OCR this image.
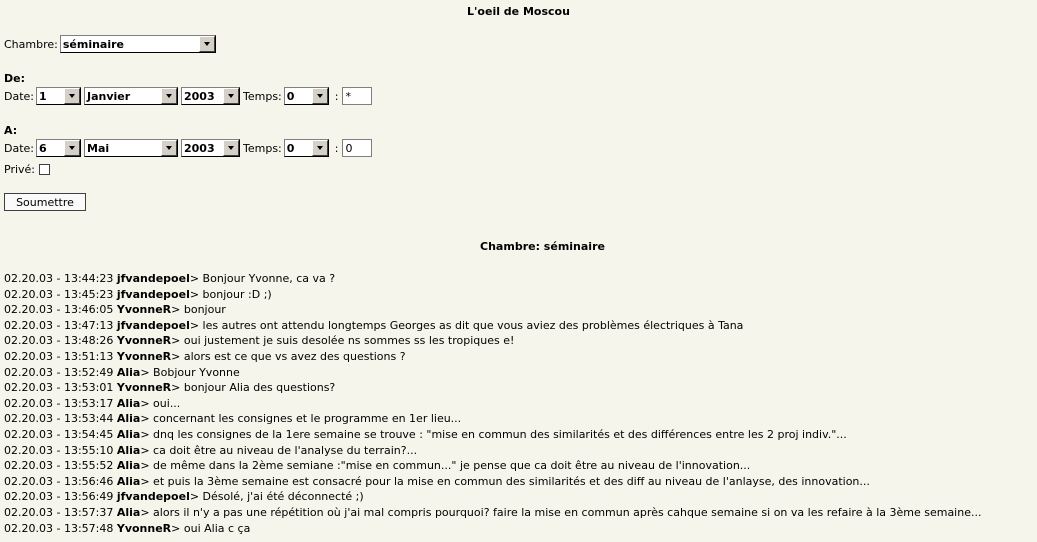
L'oeil de Moscou
Chambre: séminaire
De:
Date: 1	Janvier	2003	Temps: 0	: *
A:
Date: 6	Mai	2003	Temps: 0	: 0
Privé:
Soumettre
Chambre: séminaire
02.20.03 - 13:44:23 jfvandepoel> Bonjour Yvonne, ca va ?
02.20.03 - 13:45:23 jfvandepoel> bonjour :D ;)
02.20.03 - 13:46:05 YvonneR> bonjour
02.20.03 - 13:47:13 jfvandepoel> les autres ont attendu longtemps Georges as dit que vous aviez des problèmes électriques à Tana
02.20.03 - 13:48:26 YvonneR> oui justement je suis desolée ns sommes ss les tropiques e!
02.20.03 - 13:51:13 YvonneR> alors est ce que vs avez des questions ?
02.20.03 - 13:52:49 Alia> Bobjour Yvonne
02.20.03 - 13:53:01 YvonneR> bonjour Alia des questions?
02.20.03 - 13:53:17 Alia> oui...
02.20.03 - 13:53:44 Alia> concernant les consignes et le programme en 1er lieu...
02.20.03 - 13:54:45 Alia> dnq les consignes de la 1ere semaine se trouve : "mise en commun des similarités et des différences entre les 2 proj indiv."...
02.20.03 - 13:55:10 Alia> ca doit être au niveau de l'analyse du terrain?...
02.20.03 - 13:55:52 Alia> de même dans la 2ème semiane :"mise en commun..." je pense que ca doit être au niveau de l'innovation...
02.20.03 - 13:56:46 Alia> et puis la 3ème semaine est consacré pour la mise en commun des similarités et des diff au niveau de l'anlayse, des innovation...
02.20.03 - 13:56:49 jfvandepoel> Désolé, j'ai été déconnecté ;)
02.20.03 - 13:57:37 Alia> alors il n'y a pas une répétition où j'ai mal compris pourquoi? faire la mise en commun après cahque semaine si on va les refaire à la 3ème semaine...
02.20.03 - 13:57:48 YvonneR> oui Alia c ça
